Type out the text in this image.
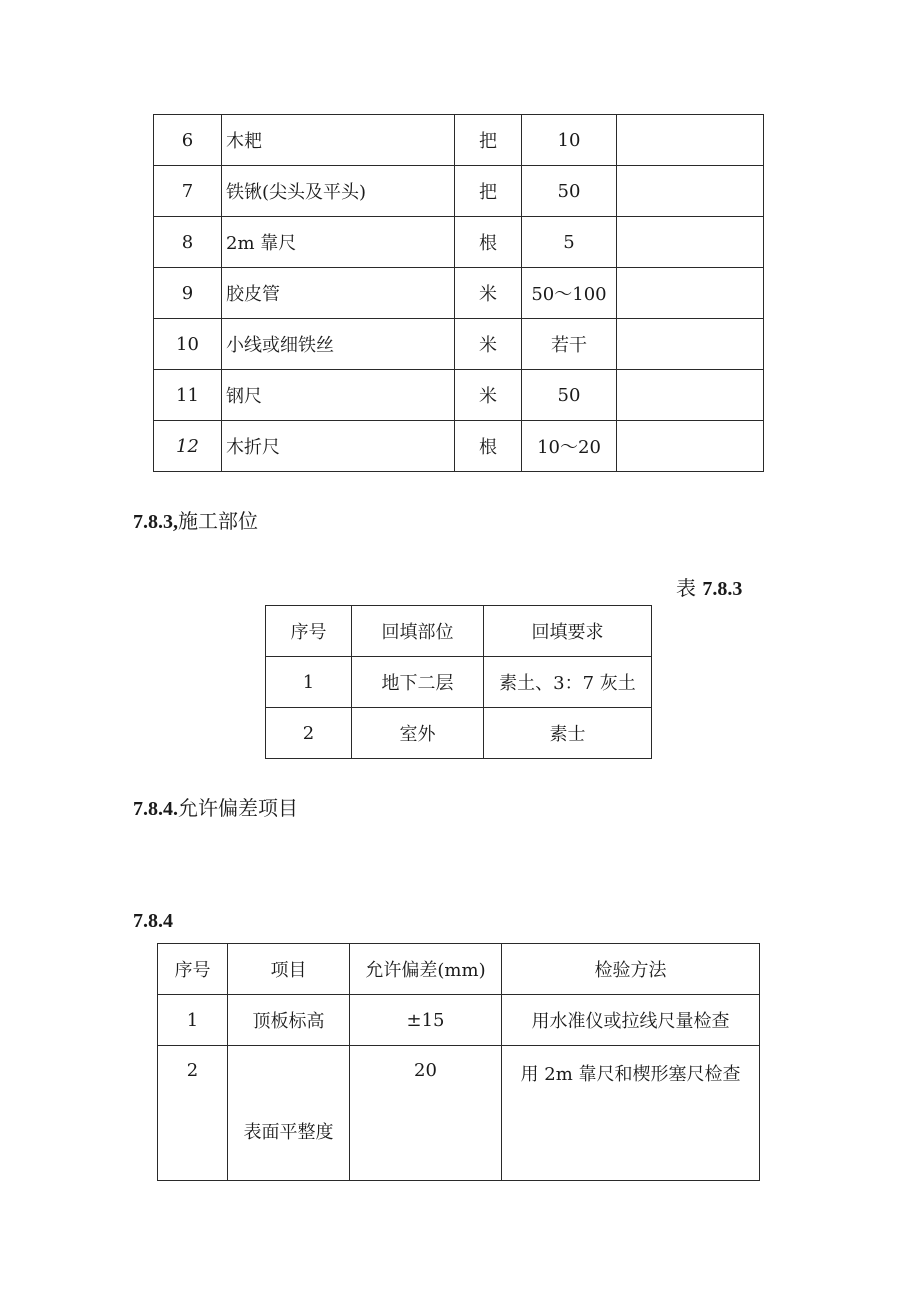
6	木耙	把	10	
7	铁锹(尖头及平头)	把	50	
8	2m 靠尺	根	5	
9	胶皮管	米	50～100	
10	小线或细铁丝	米	若干	
11	钢尺	米	50	
12	木折尺	根	10～20	
7.8.3,施工部位
表 7.8.3
序号	回填部位	回填要求
1	地下二层	素土、3：7 灰土
2	室外	素士
7.8.4.允许偏差项目
7.8.4
序号	项目	允许偏差(mm)	检验方法
1	顶板标高	±15	用水准仪或拉线尺量检查
2	表面平整度	20	用 2m 靠尺和楔形塞尺检查
